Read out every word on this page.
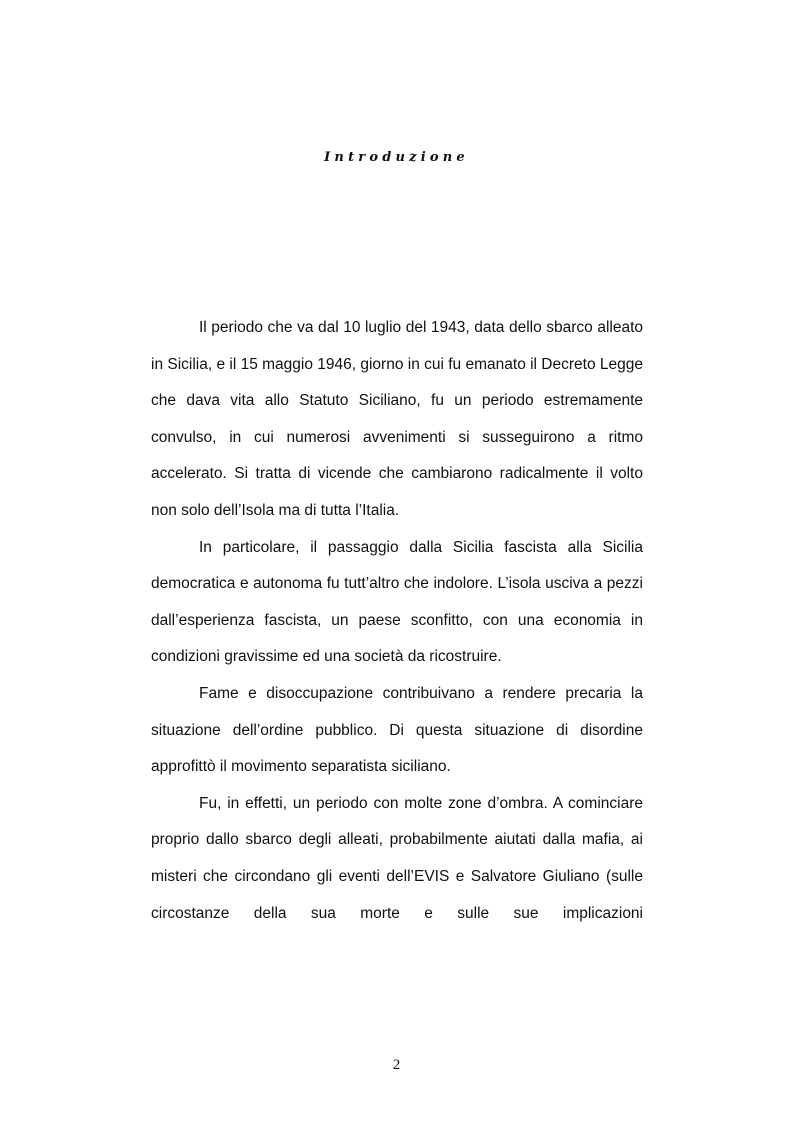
Introduzione

Il periodo che va dal 10 luglio del 1943, data dello sbarco alleato in Sicilia, e il 15 maggio 1946, giorno in cui fu emanato il Decreto Legge che dava vita allo Statuto Siciliano, fu un periodo estremamente convulso, in cui numerosi avvenimenti si susseguirono a ritmo accelerato. Si tratta di vicende che cambiarono radicalmente il volto non solo dell’Isola ma di tutta l’Italia.

In particolare, il passaggio dalla Sicilia fascista alla Sicilia democratica e autonoma fu tutt’altro che indolore. L’isola usciva a pezzi dall’esperienza fascista, un paese sconfitto, con una economia in condizioni gravissime ed una società da ricostruire.

Fame e disoccupazione contribuivano a rendere precaria la situazione dell’ordine pubblico. Di questa situazione di disordine approfittò il movimento separatista siciliano.

Fu, in effetti, un periodo con molte zone d’ombra. A cominciare proprio dallo sbarco degli alleati, probabilmente aiutati dalla mafia, ai misteri che circondano gli eventi dell’EVIS e Salvatore Giuliano (sulle circostanze della sua morte e sulle sue implicazioni

2
